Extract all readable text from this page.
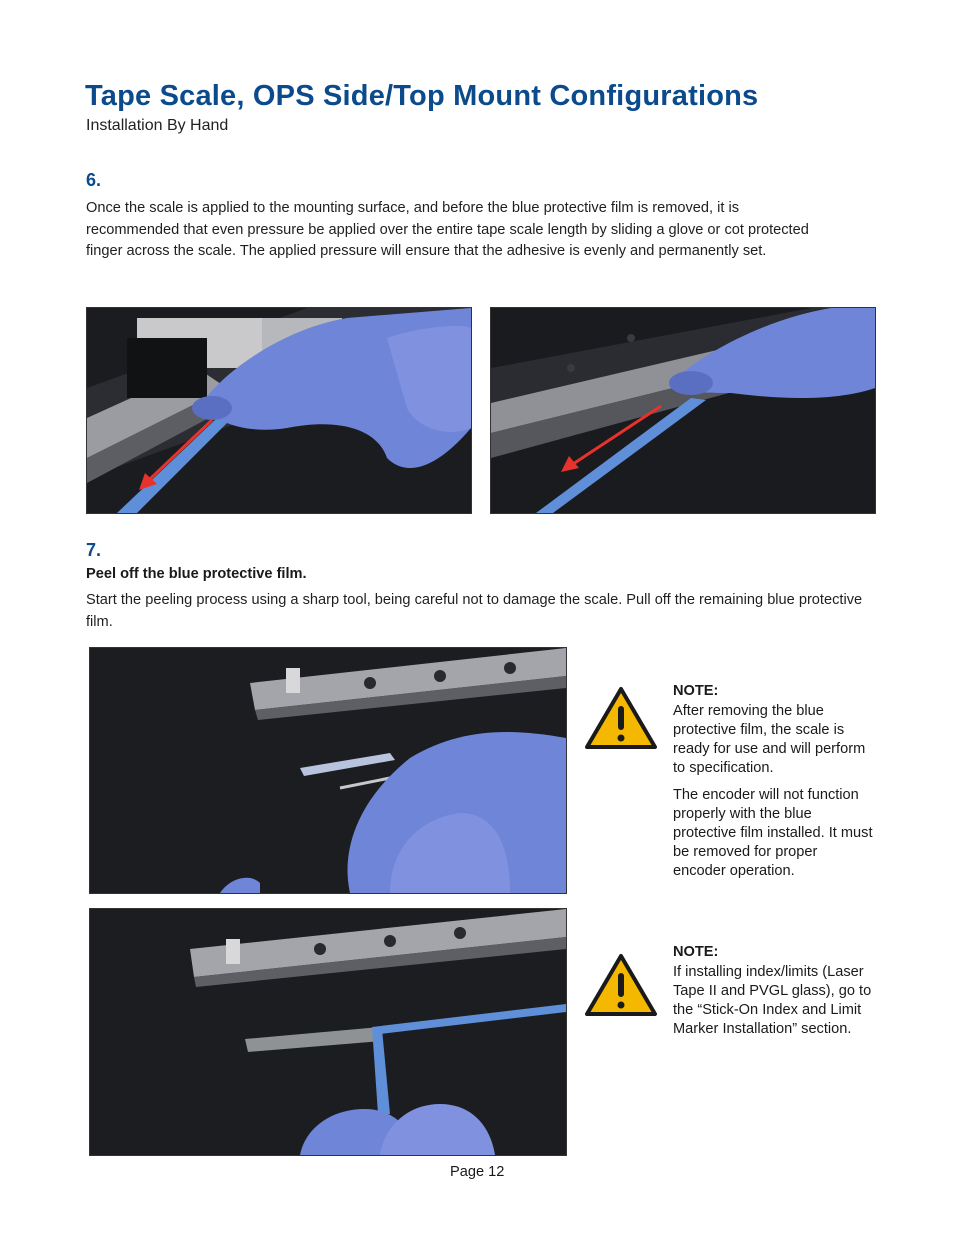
Tape Scale, OPS Side/Top Mount Configurations
Installation By Hand
6.
Once the scale is applied to the mounting surface, and before the blue protective film is removed, it is recommended that even pressure be applied over the entire tape scale length by sliding a glove or cot protected finger across the scale. The applied pressure will ensure that the adhesive is evenly and permanently set.
7.
Peel off the blue protective film.
Start the peeling process using a sharp tool, being careful not to damage the scale. Pull off the remaining blue protective film.
NOTE:

After removing the blue protective film, the scale is ready for use and will perform to specification.

The encoder will not function properly with the blue protective film installed. It must be removed for proper encoder operation.

NOTE:

If installing index/limits (Laser Tape II and PVGL glass), go to the “Stick-On Index and Limit Marker Installation” section.

Page 12
